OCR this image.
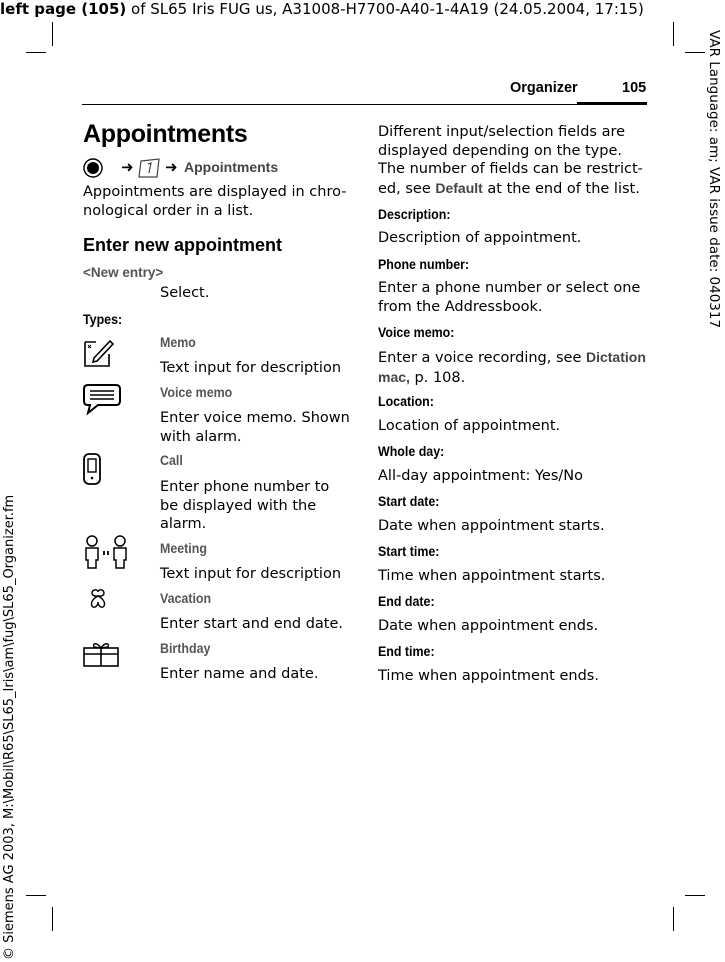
left page (105) of SL65 Iris FUG us, A31008-H7700-A40-1-4A19 (24.05.2004, 17:15)
VAR Language: am; VAR issue date: 040317
© Siemens AG 2003, M:\Mobil\R65\SL65_Iris\am\fug\SL65_Organizer.fm
Organizer	105
Appointments
➜ ➜ Appointments
Appointments are displayed in chro-nological order in a list.
Enter new appointment
<New entry>
Select.
Types:
Memo
Text input for description
Voice memo
Enter voice memo. Shown with alarm.
Call
Enter phone number to be displayed with the alarm.
Meeting
Text input for description
Vacation
Enter start and end date.
Birthday
Enter name and date.
Different input/selection fields are displayed depending on the type. The number of fields can be restrict-ed, see Default at the end of the list.
Description:
Description of appointment.
Phone number:
Enter a phone number or select one from the Addressbook.
Voice memo:
Enter a voice recording, see Dictation mac, p. 108.
Location:
Location of appointment.
Whole day:
All-day appointment: Yes/No
Start date:
Date when appointment starts.
Start time:
Time when appointment starts.
End date:
Date when appointment ends.
End time:
Time when appointment ends.
